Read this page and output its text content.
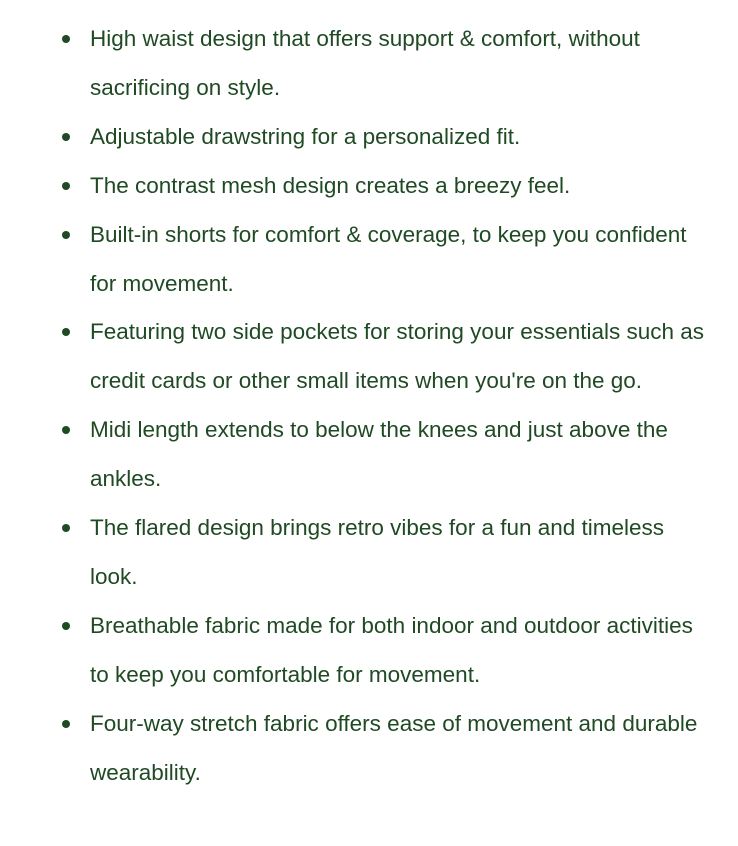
High waist design that offers support & comfort, without sacrificing on style.
Adjustable drawstring for a personalized fit.
The contrast mesh design creates a breezy feel.
Built-in shorts for comfort & coverage, to keep you confident for movement.
Featuring two side pockets for storing your essentials such as credit cards or other small items when you're on the go.
Midi length extends to below the knees and just above the ankles.
The flared design brings retro vibes for a fun and timeless look.
Breathable fabric made for both indoor and outdoor activities to keep you comfortable for movement.
Four-way stretch fabric offers ease of movement and durable wearability.
